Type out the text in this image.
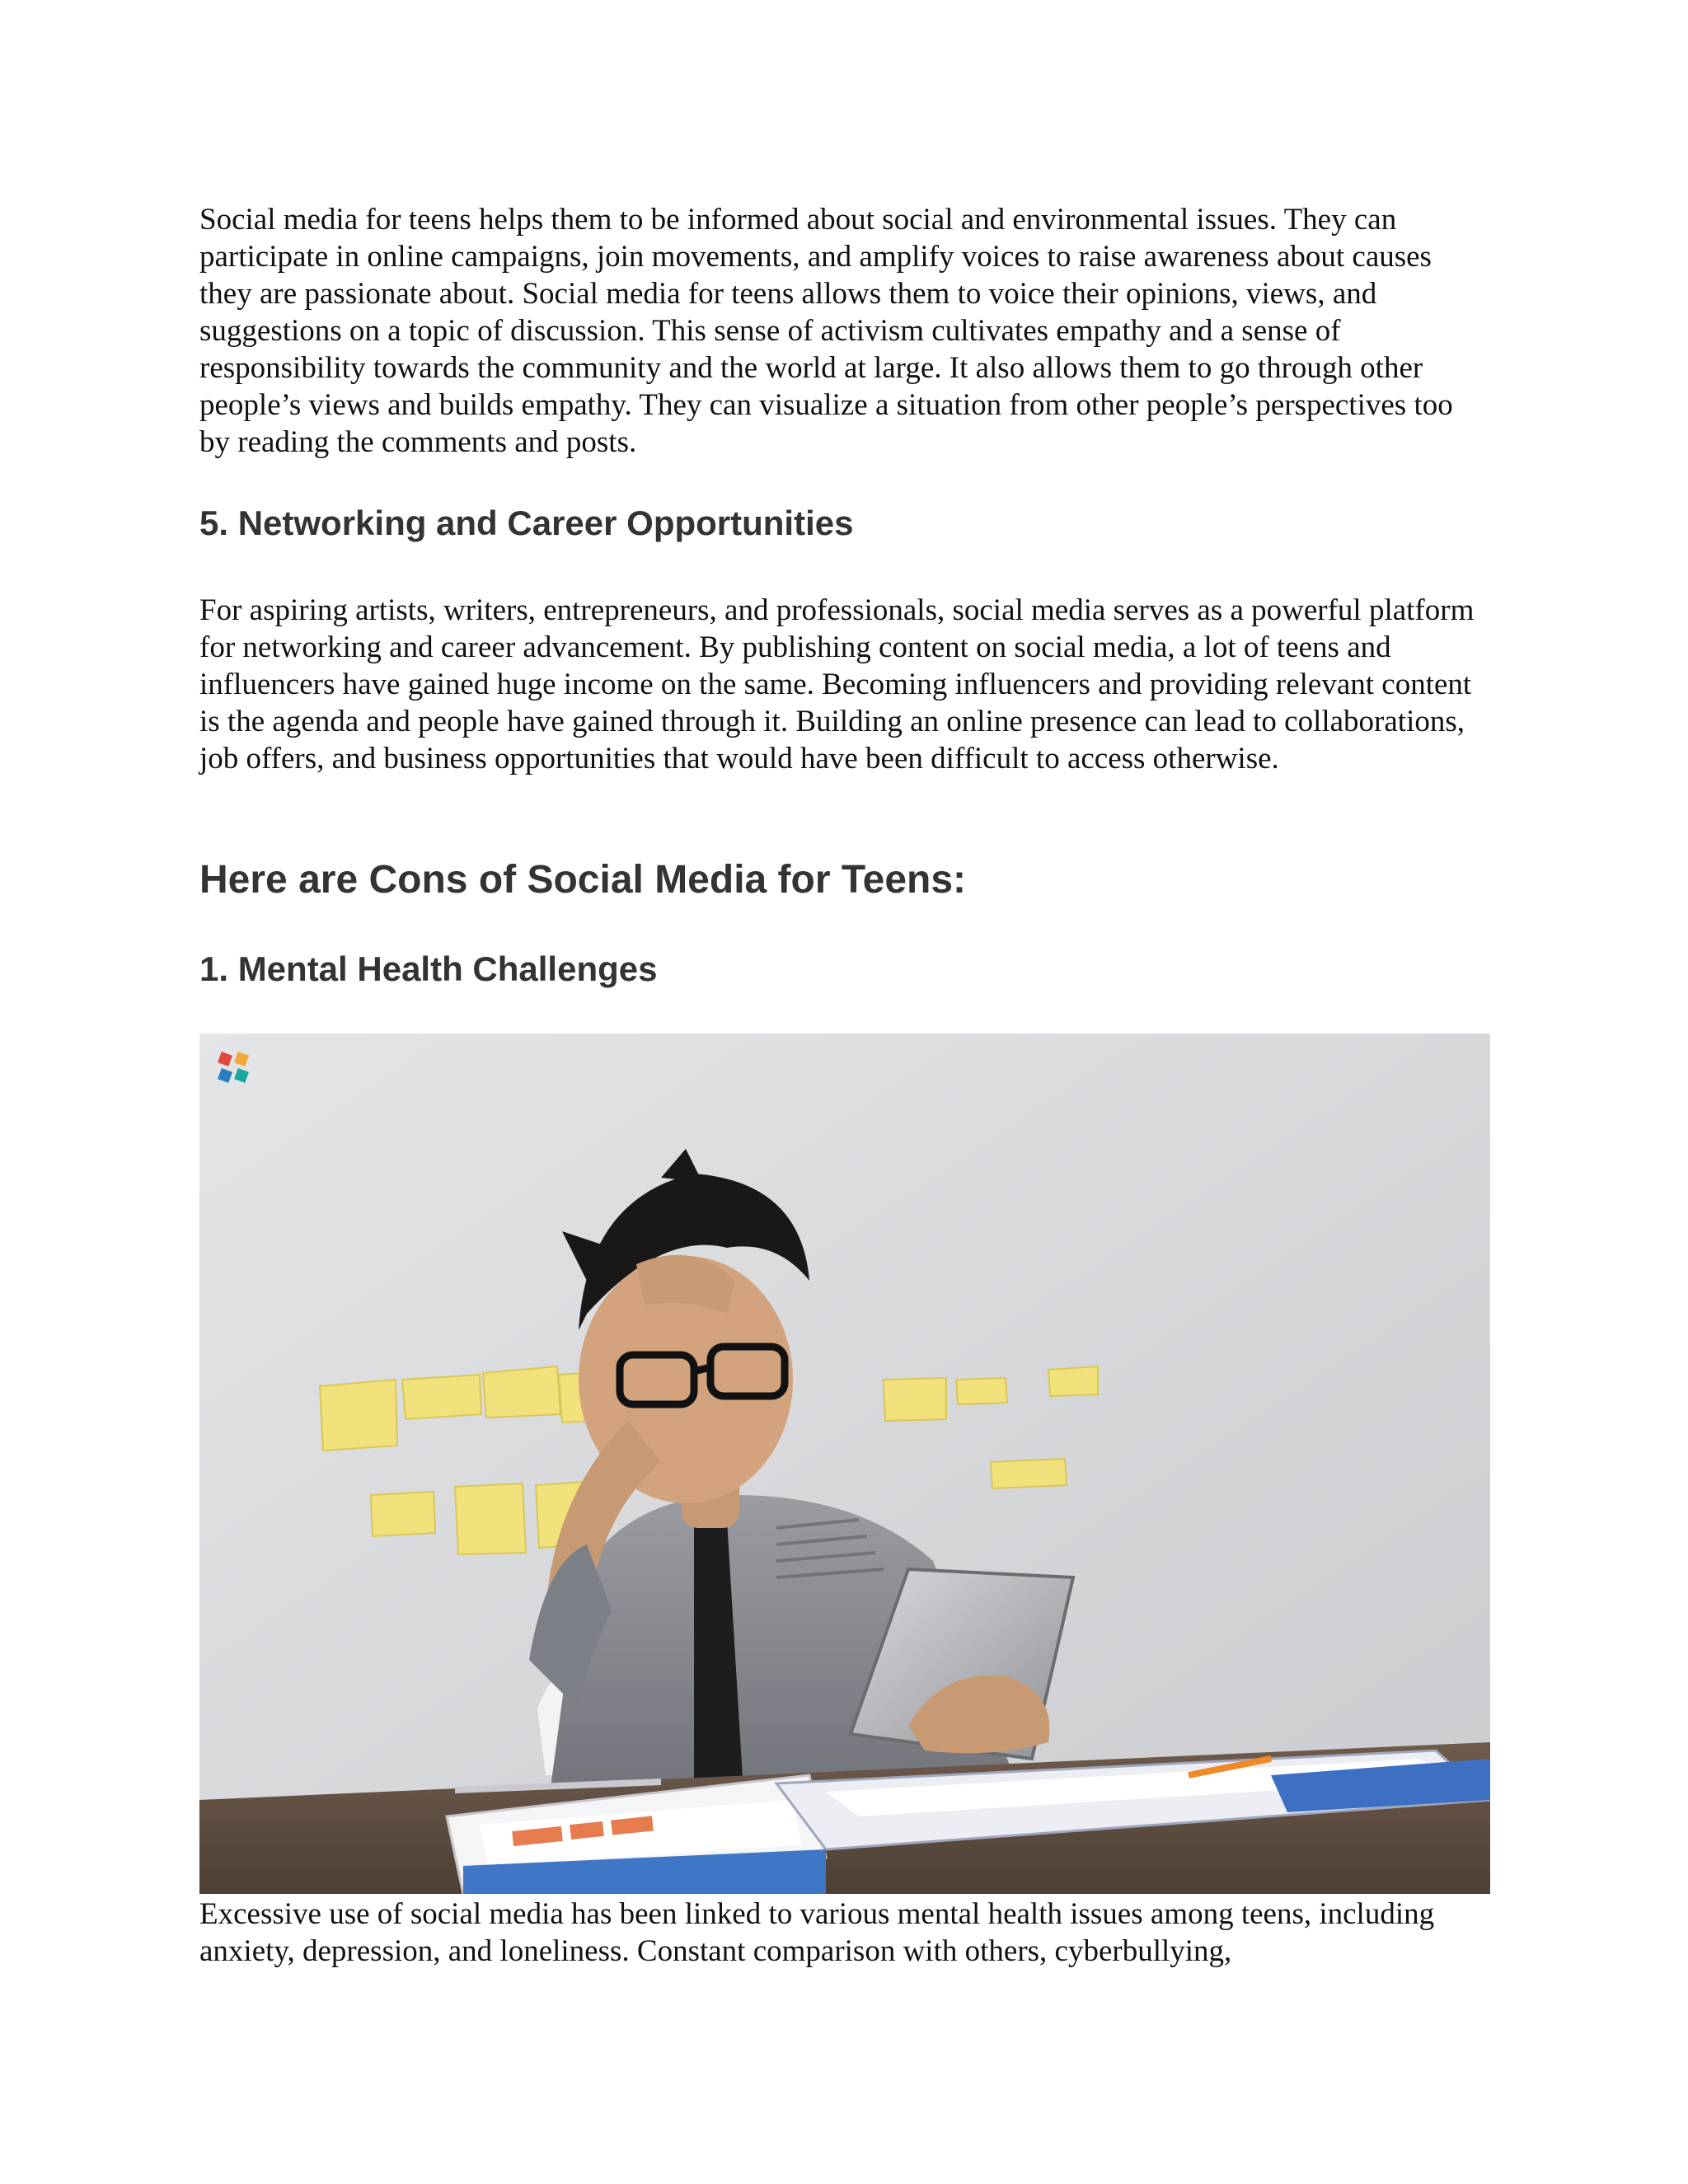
Social media for teens helps them to be informed about social and environmental issues. They can participate in online campaigns, join movements, and amplify voices to raise awareness about causes they are passionate about. Social media for teens allows them to voice their opinions, views, and suggestions on a topic of discussion. This sense of activism cultivates empathy and a sense of responsibility towards the community and the world at large. It also allows them to go through other people’s views and builds empathy. They can visualize a situation from other people’s perspectives too by reading the comments and posts.

5. Networking and Career Opportunities

For aspiring artists, writers, entrepreneurs, and professionals, social media serves as a powerful platform for networking and career advancement. By publishing content on social media, a lot of teens and influencers have gained huge income on the same. Becoming influencers and providing relevant content is the agenda and people have gained through it. Building an online presence can lead to collaborations, job offers, and business opportunities that would have been difficult to access otherwise.

Here are Cons of Social Media for Teens:
1. Mental Health Challenges

Excessive use of social media has been linked to various mental health issues among teens, including anxiety, depression, and loneliness. Constant comparison with others, cyberbullying,
